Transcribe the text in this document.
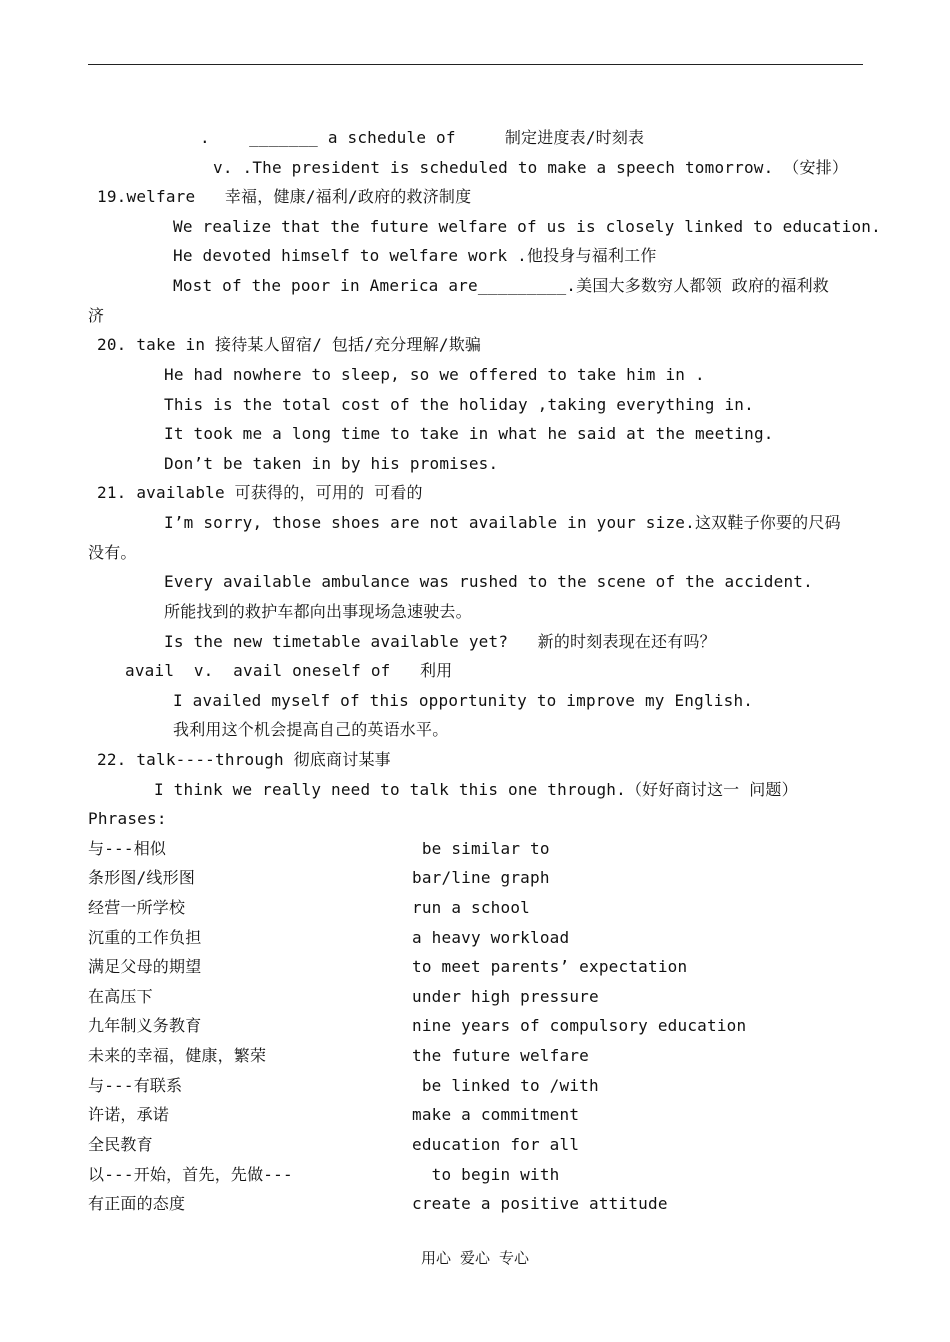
.    _______ a schedule of     制定进度表/时刻表
v. .The president is scheduled to make a speech tomorrow. （安排）
19.welfare   幸福，健康/福利/政府的救济制度
We realize that the future welfare of us is closely linked to education.
He devoted himself to welfare work .他投身与福利工作
Most of the poor in America are_________.美国大多数穷人都领 政府的福利救
济
20. take in 接待某人留宿/ 包括/充分理解/欺骗
He had nowhere to sleep, so we offered to take him in .
This is the total cost of the holiday ,taking everything in.
It took me a long time to take in what he said at the meeting.
Don’t be taken in by his promises.
21. available 可获得的，可用的 可看的
I’m sorry, those shoes are not available in your size.这双鞋子你要的尺码
没有。
Every available ambulance was rushed to the scene of the accident.
所能找到的救护车都向出事现场急速驶去。
Is the new timetable available yet?   新的时刻表现在还有吗？
avail  v.  avail oneself of   利用
I availed myself of this opportunity to improve my English.
我利用这个机会提高自己的英语水平。
22. talk----through 彻底商讨某事
I think we really need to talk this one through.（好好商讨这一 问题）
Phrases:
与---相似	be similar to
条形图/线形图	bar/line graph
经营一所学校	run a school
沉重的工作负担	a heavy workload
满足父母的期望	to meet parents’ expectation
在高压下	under high pressure
九年制义务教育	nine years of compulsory education
未来的幸福，健康，繁荣	the future welfare
与---有联系	be linked to /with
许诺，承诺	make a commitment
全民教育	education for all
以---开始，首先，先做---	to begin with
有正面的态度	create a positive attitude
用心 爱心 专心
